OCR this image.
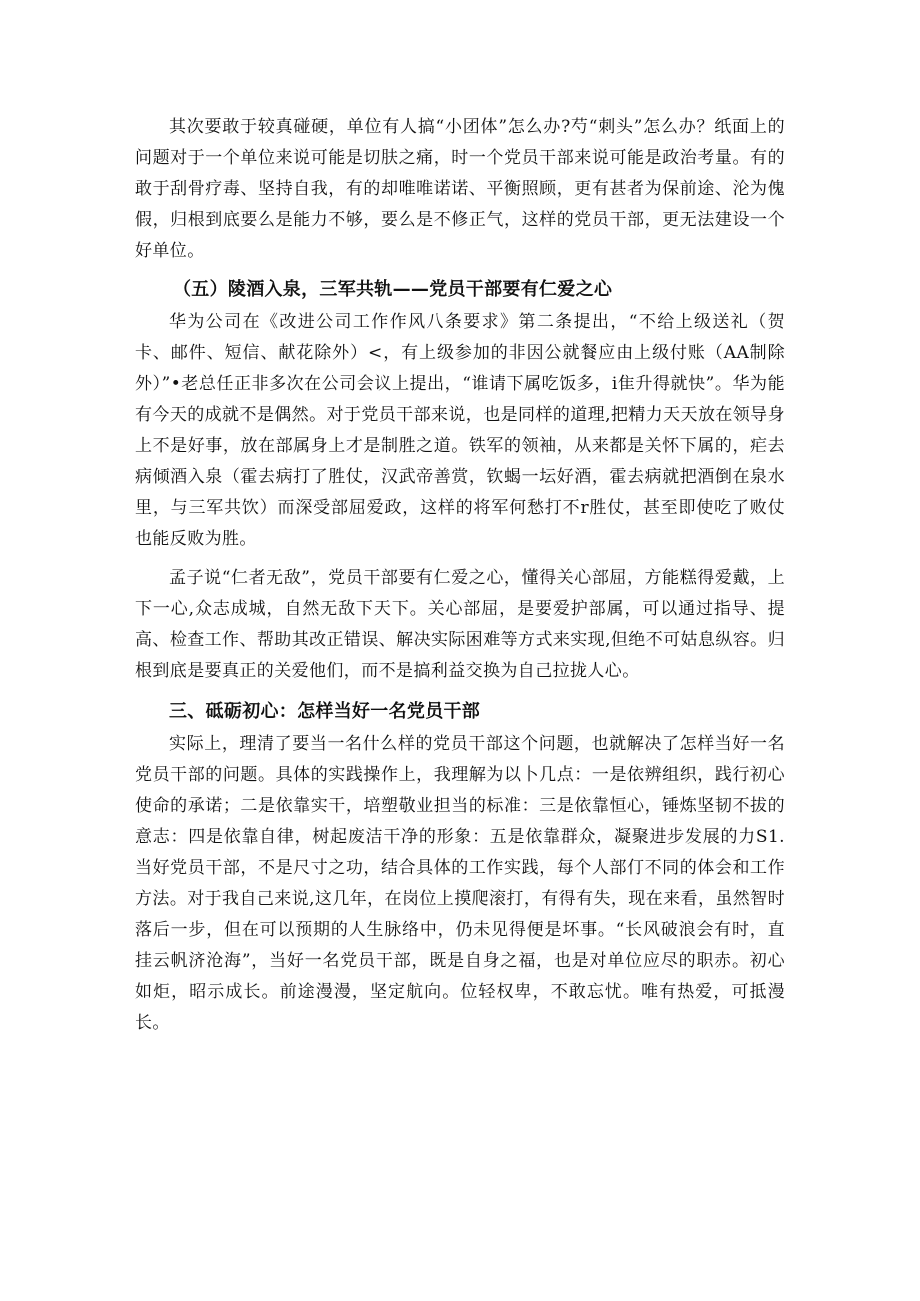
其次要敢于较真碰硬，单位有人搞“小团体”怎么办?芍“刺头”怎么办？纸面上的问题对于一个单位来说可能是切肤之痛，时一个党员干部来说可能是政治考量。有的敢于刮骨疗毒、坚持自我，有的却唯唯诺诺、平衡照顾，更有甚者为保前途、沦为傀假，归根到底要么是能力不够，要么是不修正气，这样的党员干部，更无法建设一个好单位。

（五）陵酒入泉，三军共轨——党员干部要有仁爱之心

华为公司在《改进公司工作作风八条要求》第二条提出，“不给上级送礼（贺卡、邮件、短信、献花除外）<，有上级参加的非因公就餐应由上级付账（AA制除外）”•老总任正非多次在公司会议上提出，“谁请下属吃饭多，i隹升得就快”。华为能有今天的成就不是偶然。对于党员干部来说，也是同样的道理,把精力天天放在领导身上不是好事，放在部属身上才是制胜之道。铁军的领袖，从来都是关怀下属的，疟去病倾酒入泉（霍去病打了胜仗，汉武帝善赏，钦蝎一坛好酒，霍去病就把酒倒在泉水里，与三军共饮）而深受部屈爱政，这样的将军何愁打不r胜仗，甚至即使吃了败仗也能反败为胜。

孟子说“仁者无敌”，党员干部要有仁爱之心，懂得关心部屈，方能糕得爱戴，上下一心,众志成城，自然无敌下天下。关心部屈，是要爱护部属，可以通过指导、提高、检查工作、帮助其改正错误、解决实际困难等方式来实现,但绝不可姑息纵容。归根到底是要真正的关爱他们，而不是搞利益交换为自己拉拢人心。

三、砥砺初心：怎样当好一名党员干部

实际上，理清了要当一名什么样的党员干部这个问题，也就解决了怎样当好一名党员干部的问题。具体的实践操作上，我理解为以卜几点：一是依辨组织，践行初心使命的承诺；二是依靠实干，培塑敬业担当的标准：三是依靠恒心，锤炼坚韧不拔的意志：四是依靠自律，树起废洁干净的形象：五是依靠群众，凝聚进步发展的力S1.当好党员干部，不是尺寸之功，结合具体的工作实践，每个人部仃不同的体会和工作方法。对于我自己来说,这几年，在岗位上摸爬滚打，有得有失，现在来看，虽然智时落后一步，但在可以预期的人生脉络中，仍未见得便是坏事。“长风破浪会有时，直挂云帆济沧海”，当好一名党员干部，既是自身之福，也是对单位应尽的职赤。初心如炬，昭示成长。前途漫漫，坚定航向。位轻权卑，不敢忘忧。唯有热爱，可抵漫长。
